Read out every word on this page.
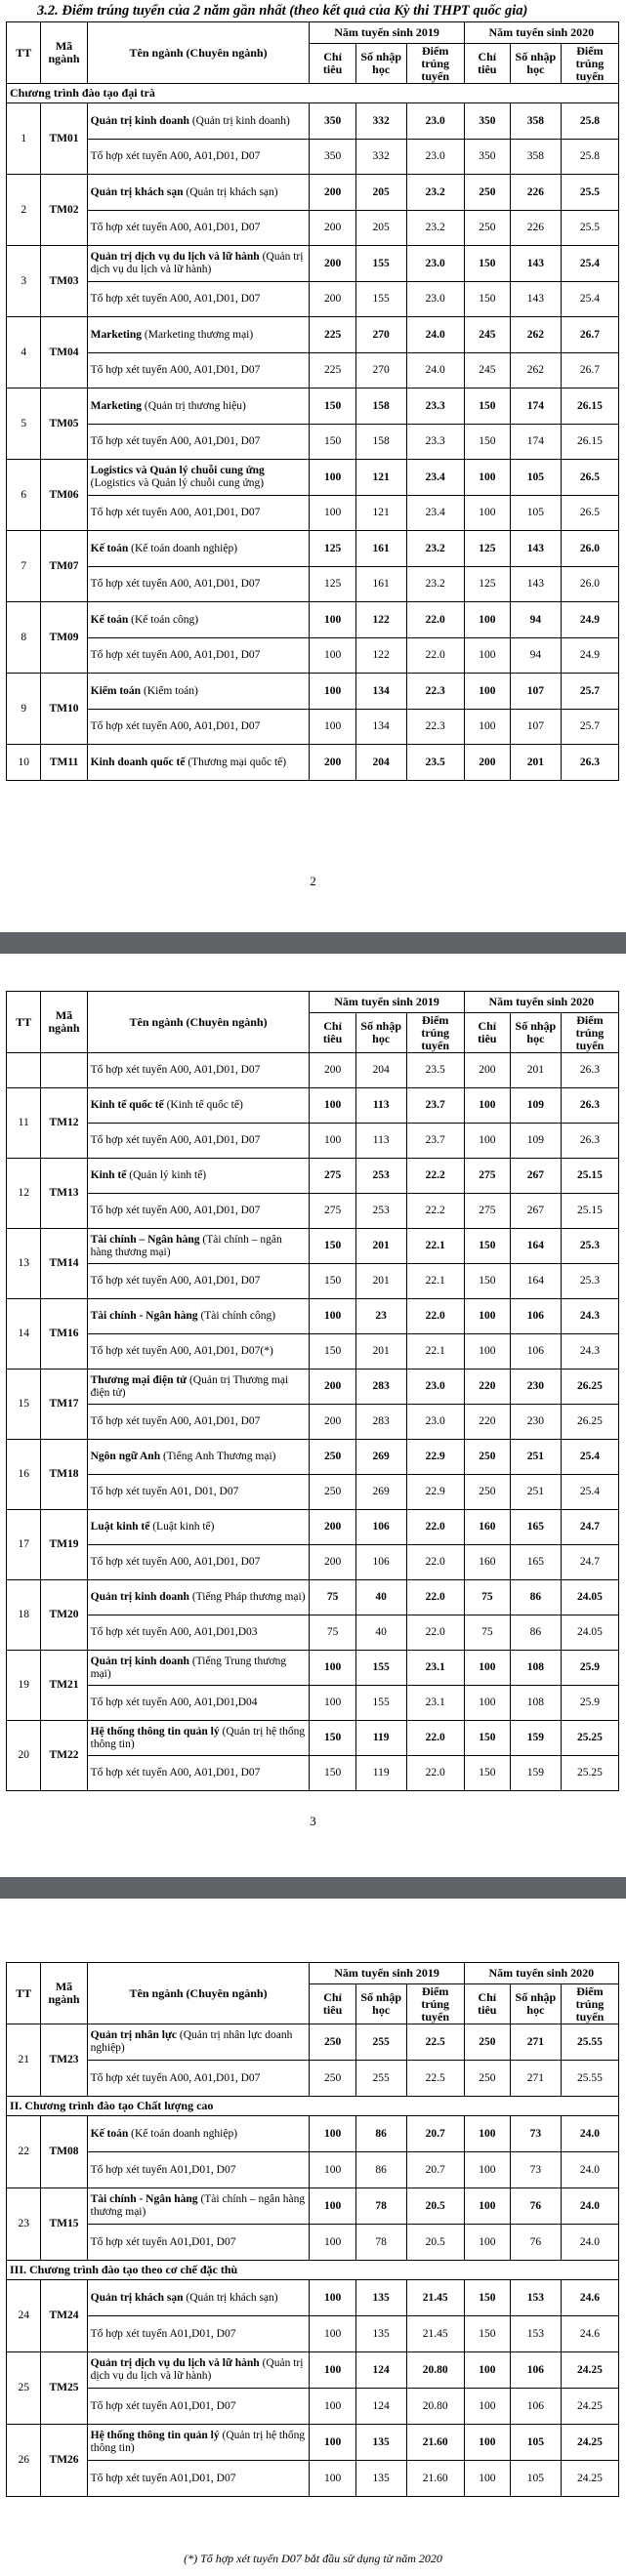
3.2. Điểm trúng tuyển của 2 năm gần nhất (theo kết quả của Kỳ thi THPT quốc gia)
TT	Mã ngành	Tên ngành (Chuyên ngành)	Năm tuyển sinh 2019			Năm tuyển sinh 2020		
			Chỉ tiêu	Số nhập học	Điểm trúng tuyển	Chỉ tiêu	Số nhập học	Điểm trúng tuyển
Chương trình đào tạo đại trà								
1	TM01	Quản trị kinh doanh (Quản trị kinh doanh)	350	332	23.0	350	358	25.8
		Tổ hợp xét tuyển A00, A01,D01, D07	350	332	23.0	350	358	25.8
2	TM02	Quản trị khách sạn (Quản trị khách sạn)	200	205	23.2	250	226	25.5
		Tổ hợp xét tuyển A00, A01,D01, D07	200	205	23.2	250	226	25.5
3	TM03	Quản trị dịch vụ du lịch và lữ hành (Quản trị dịch vụ du lịch và lữ hành)	200	155	23.0	150	143	25.4
		Tổ hợp xét tuyển A00, A01,D01, D07	200	155	23.0	150	143	25.4
4	TM04	Marketing (Marketing thương mại)	225	270	24.0	245	262	26.7
		Tổ hợp xét tuyển A00, A01,D01, D07	225	270	24.0	245	262	26.7
5	TM05	Marketing (Quản trị thương hiệu)	150	158	23.3	150	174	26.15
		Tổ hợp xét tuyển A00, A01,D01, D07	150	158	23.3	150	174	26.15
6	TM06	Logistics và Quản lý chuỗi cung ứng (Logistics và Quản lý chuỗi cung ứng)	100	121	23.4	100	105	26.5
		Tổ hợp xét tuyển A00, A01,D01, D07	100	121	23.4	100	105	26.5
7	TM07	Kế toán (Kế toán doanh nghiệp)	125	161	23.2	125	143	26.0
		Tổ hợp xét tuyển A00, A01,D01, D07	125	161	23.2	125	143	26.0
8	TM09	Kế toán (Kế toán công)	100	122	22.0	100	94	24.9
		Tổ hợp xét tuyển A00, A01,D01, D07	100	122	22.0	100	94	24.9
9	TM10	Kiểm toán (Kiểm toán)	100	134	22.3	100	107	25.7
		Tổ hợp xét tuyển A00, A01,D01, D07	100	134	22.3	100	107	25.7
10	TM11	Kinh doanh quốc tế (Thương mại quốc tế)	200	204	23.5	200	201	26.3
2
TT	Mã ngành	Tên ngành (Chuyên ngành)	Năm tuyển sinh 2019			Năm tuyển sinh 2020		
			Chỉ tiêu	Số nhập học	Điểm trúng tuyển	Chỉ tiêu	Số nhập học	Điểm trúng tuyển
		Tổ hợp xét tuyển A00, A01,D01, D07	200	204	23.5	200	201	26.3
11	TM12	Kinh tế quốc tế (Kinh tế quốc tế)	100	113	23.7	100	109	26.3
		Tổ hợp xét tuyển A00, A01,D01, D07	100	113	23.7	100	109	26.3
12	TM13	Kinh tế (Quản lý kinh tế)	275	253	22.2	275	267	25.15
		Tổ hợp xét tuyển A00, A01,D01, D07	275	253	22.2	275	267	25.15
13	TM14	Tài chính – Ngân hàng (Tài chính – ngân hàng thương mại)	150	201	22.1	150	164	25.3
		Tổ hợp xét tuyển A00, A01,D01, D07	150	201	22.1	150	164	25.3
14	TM16	Tài chính - Ngân hàng (Tài chính công)	100	23	22.0	100	106	24.3
		Tổ hợp xét tuyển A00, A01,D01, D07(*)	150	201	22.1	100	106	24.3
15	TM17	Thương mại điện tử (Quản trị Thương mại điện tử)	200	283	23.0	220	230	26.25
		Tổ hợp xét tuyển A00, A01,D01, D07	200	283	23.0	220	230	26.25
16	TM18	Ngôn ngữ Anh (Tiếng Anh Thương mại)	250	269	22.9	250	251	25.4
		Tổ hợp xét tuyển A01, D01, D07	250	269	22.9	250	251	25.4
17	TM19	Luật kinh tế (Luật kinh tế)	200	106	22.0	160	165	24.7
		Tổ hợp xét tuyển A00, A01,D01, D07	200	106	22.0	160	165	24.7
18	TM20	Quản trị kinh doanh (Tiếng Pháp thương mại)	75	40	22.0	75	86	24.05
		Tổ hợp xét tuyển A00, A01,D01,D03	75	40	22.0	75	86	24.05
19	TM21	Quản trị kinh doanh (Tiếng Trung thương mại)	100	155	23.1	100	108	25.9
		Tổ hợp xét tuyển A00, A01,D01,D04	100	155	23.1	100	108	25.9
20	TM22	Hệ thống thông tin quản lý (Quản trị hệ thống thông tin)	150	119	22.0	150	159	25.25
		Tổ hợp xét tuyển A00, A01,D01, D07	150	119	22.0	150	159	25.25
3
TT	Mã ngành	Tên ngành (Chuyên ngành)	Năm tuyển sinh 2019			Năm tuyển sinh 2020		
			Chỉ tiêu	Số nhập học	Điểm trúng tuyển	Chỉ tiêu	Số nhập học	Điểm trúng tuyển
21	TM23	Quản trị nhân lực (Quản trị nhân lực doanh nghiệp)	250	255	22.5	250	271	25.55
		Tổ hợp xét tuyển A00, A01,D01, D07	250	255	22.5	250	271	25.55
II. Chương trình đào tạo Chất lượng cao								
22	TM08	Kế toán (Kế toán doanh nghiệp)	100	86	20.7	100	73	24.0
		Tổ hợp xét tuyển A01,D01, D07	100	86	20.7	100	73	24.0
23	TM15	Tài chính - Ngân hàng (Tài chính – ngân hàng thương mại)	100	78	20.5	100	76	24.0
		Tổ hợp xét tuyển A01,D01, D07	100	78	20.5	100	76	24.0
III. Chương trình đào tạo theo cơ chế đặc thù								
24	TM24	Quản trị khách sạn (Quản trị khách sạn)	100	135	21.45	150	153	24.6
		Tổ hợp xét tuyển A01,D01, D07	100	135	21.45	150	153	24.6
25	TM25	Quản trị dịch vụ du lịch và lữ hành (Quản trị dịch vụ du lịch và lữ hành)	100	124	20.80	100	106	24.25
		Tổ hợp xét tuyển A01,D01, D07	100	124	20.80	100	106	24.25
26	TM26	Hệ thống thông tin quản lý (Quản trị hệ thống thông tin)	100	135	21.60	100	105	24.25
		Tổ hợp xét tuyển A01,D01, D07	100	135	21.60	100	105	24.25
(*) Tổ hợp xét tuyển D07 bắt đầu sử dụng từ năm 2020
